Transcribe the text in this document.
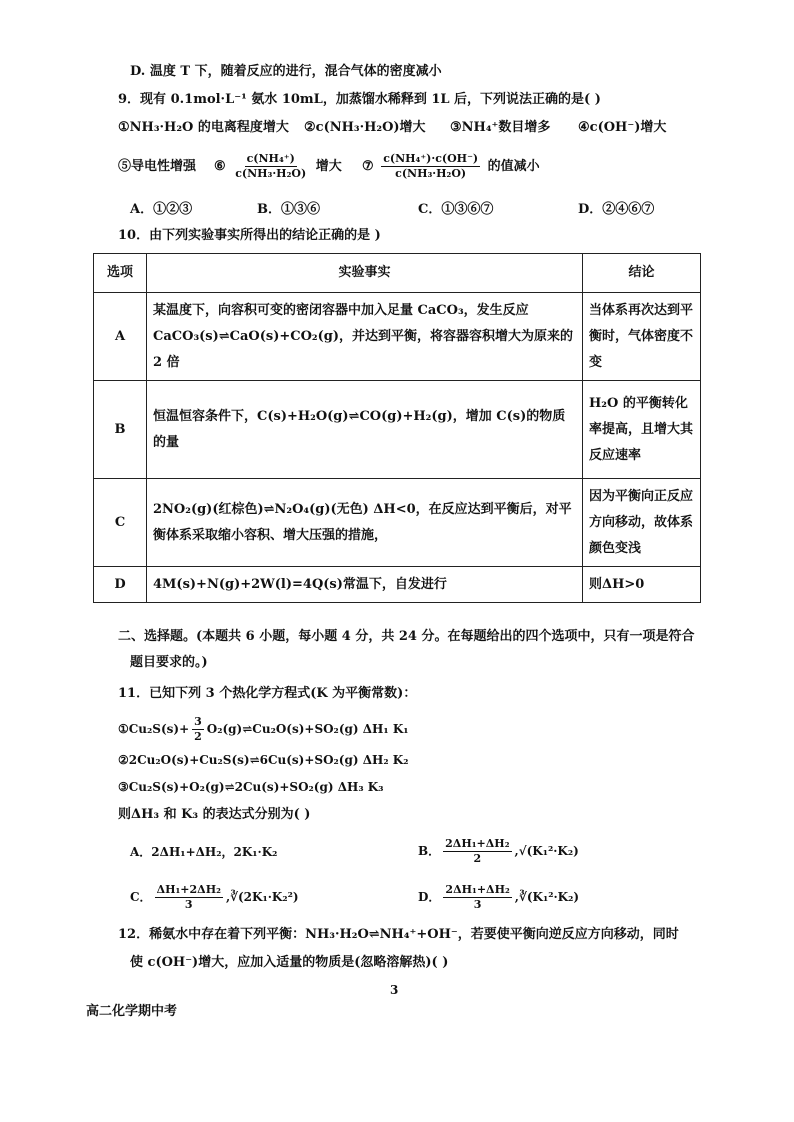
D. 温度 T 下，随着反应的进行，混合气体的密度减小
9．现有 0.1mol·L⁻¹ 氨水 10mL，加蒸馏水稀释到 1L 后，下列说法正确的是( )
①NH₃·H₂O 的电离程度增大 ②c(NH₃·H₂O)增大 ③NH₄⁺数目增多 ④c(OH⁻)增大
⑤导电性增强 ⑥ $\frac{\text{c(NH₄⁺)}}{\text{c(NH₃·H₂O)}}$ 增大 ⑦ $\frac{\text{c(NH₄⁺)·c(OH⁻)}}{\text{c(NH₃·H₂O)}}$ 的值减小
A．①②③	B．①③⑥	C．①③⑥⑦	D．②④⑥⑦
10．由下列实验事实所得出的结论正确的是 )
选项	实验事实	结论
A	某温度下，向容积可变的密闭容器中加入足量 CaCO₃，发生反应 CaCO₃(s)⇌CaO(s)+CO₂(g)，并达到平衡，将容器容积增大为原来的 2 倍	当体系再次达到平衡时，气体密度不变
B	恒温恒容条件下，C(s)+H₂O(g)⇌CO(g)+H₂(g)，增加 C(s)的物质的量	H₂O 的平衡转化率提高，且增大其反应速率
C	2NO₂(g)(红棕色)⇌N₂O₄(g)(无色) ΔH<0，在反应达到平衡后，对平衡体系采取缩小容积、增大压强的措施，	因为平衡向正反应方向移动，故体系颜色变浅
D	4M(s)+N(g)+2W(l)=4Q(s)常温下，自发进行	则ΔH>0
二、选择题。(本题共 6 小题，每小题 4 分，共 24 分。在每题给出的四个选项中，只有一项是符合
题目要求的。)
11．已知下列 3 个热化学方程式(K 为平衡常数)：
①Cu₂S(s)+ $\frac{3}{2}$ O₂(g)⇌Cu₂O(s)+SO₂(g) ΔH₁ K₁
②2Cu₂O(s)+Cu₂S(s)⇌6Cu(s)+SO₂(g) ΔH₂ K₂
③Cu₂S(s)+O₂(g)⇌2Cu(s)+SO₂(g) ΔH₃ K₃
则ΔH₃ 和 K₃ 的表达式分别为( )
A．2ΔH₁+ΔH₂，2K₁·K₂	B． $\frac{\text{2ΔH₁+ΔH₂}}{2} ,√(K_1^2\cdot K_2)$
C． $\frac{\text{ΔH₁+2ΔH₂}}{3}$ ,∛(2K₁·K₂²)	D． $\frac{\text{2ΔH₁+ΔH₂}}{3}$ ,∛(K₁²·K₂)
12．稀氨水中存在着下列平衡：NH₃·H₂O⇌NH₄⁺+OH⁻，若要使平衡向逆反应方向移动，同时
使 c(OH⁻)增大，应加入适量的物质是(忽略溶解热)( )
3
高二化学期中考
